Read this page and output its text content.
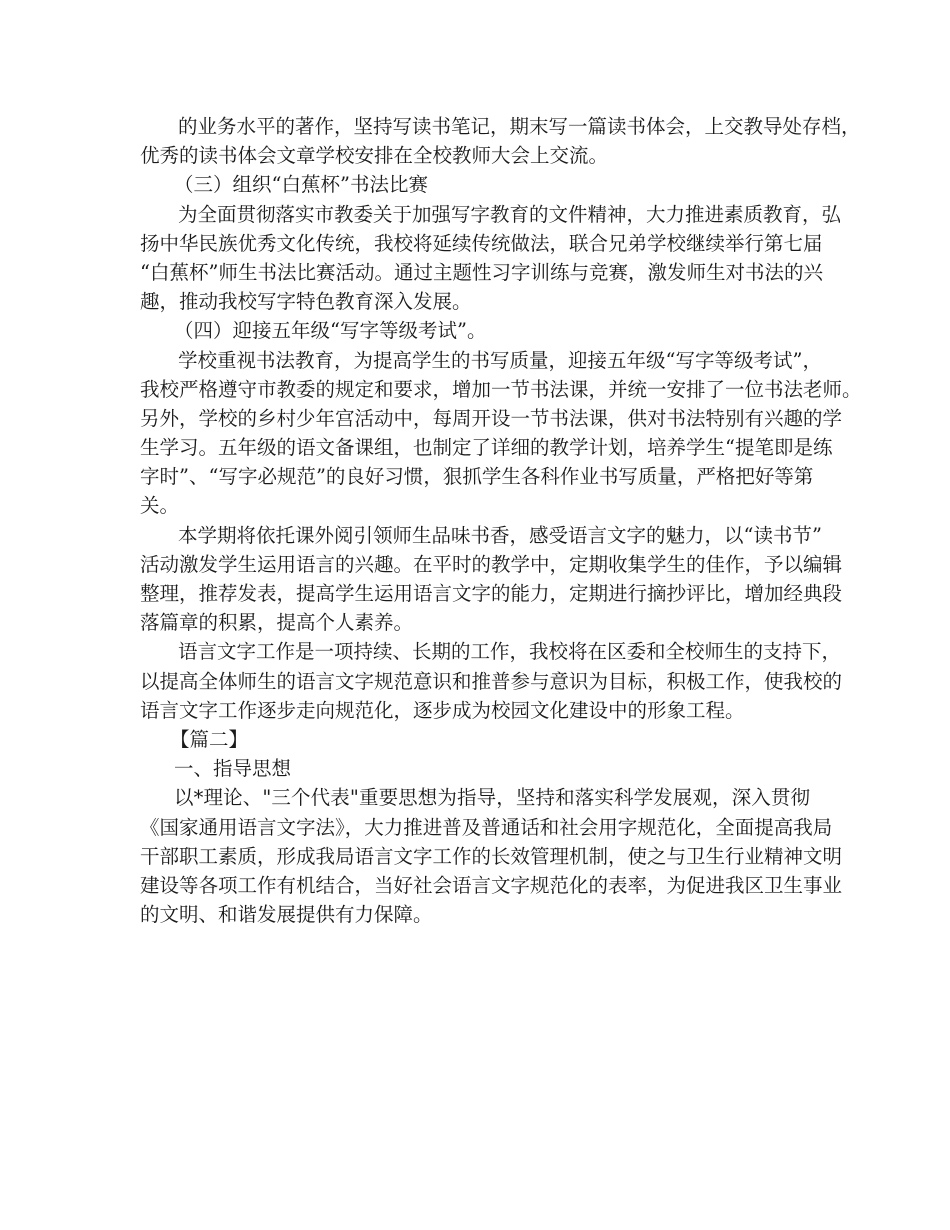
的业务水平的著作，坚持写读书笔记，期末写一篇读书体会，上交教导处存档，
优秀的读书体会文章学校安排在全校教师大会上交流。
（三）组织“白蕉杯”书法比赛
为全面贯彻落实市教委关于加强写字教育的文件精神，大力推进素质教育，弘
扬中华民族优秀文化传统，我校将延续传统做法，联合兄弟学校继续举行第七届
“白蕉杯”师生书法比赛活动。通过主题性习字训练与竞赛，激发师生对书法的兴
趣，推动我校写字特色教育深入发展。
（四）迎接五年级“写字等级考试”。
学校重视书法教育，为提高学生的书写质量，迎接五年级“写字等级考试”，
我校严格遵守市教委的规定和要求，增加一节书法课，并统一安排了一位书法老师。
另外，学校的乡村少年宫活动中，每周开设一节书法课，供对书法特别有兴趣的学
生学习。五年级的语文备课组，也制定了详细的教学计划，培养学生“提笔即是练
字时”、“写字必规范”的良好习惯，狠抓学生各科作业书写质量，严格把好等第
关。
本学期将依托课外阅引领师生品味书香，感受语言文字的魅力，以“读书节”
活动激发学生运用语言的兴趣。在平时的教学中，定期收集学生的佳作，予以编辑
整理，推荐发表，提高学生运用语言文字的能力，定期进行摘抄评比，增加经典段
落篇章的积累，提高个人素养。
语言文字工作是一项持续、长期的工作，我校将在区委和全校师生的支持下，
以提高全体师生的语言文字规范意识和推普参与意识为目标，积极工作，使我校的
语言文字工作逐步走向规范化，逐步成为校园文化建设中的形象工程。
【篇二】
一、指导思想
以*理论、"三个代表"重要思想为指导，坚持和落实科学发展观，深入贯彻
《国家通用语言文字法》，大力推进普及普通话和社会用字规范化，全面提高我局
干部职工素质，形成我局语言文字工作的长效管理机制，使之与卫生行业精神文明
建设等各项工作有机结合，当好社会语言文字规范化的表率，为促进我区卫生事业
的文明、和谐发展提供有力保障。
